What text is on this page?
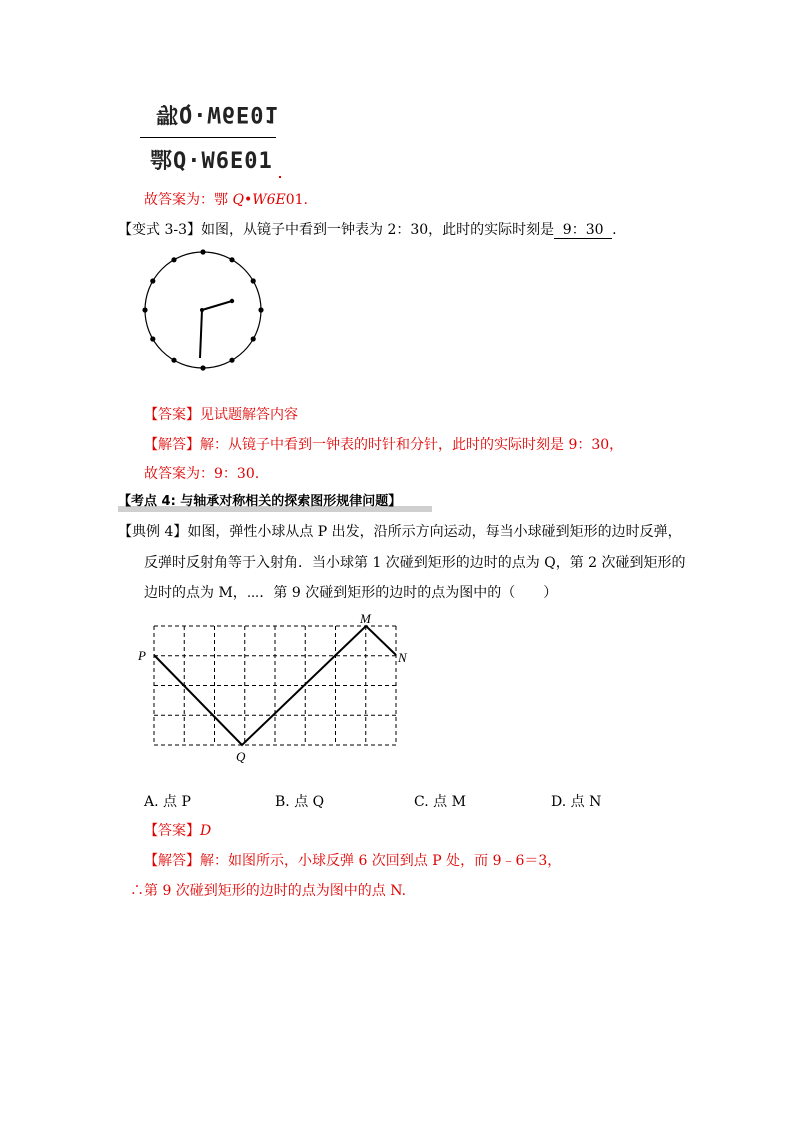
鄂Q·W6E01
鄂Q·W6E01
故答案为：鄂 Q•W6E01.
【变式 3-3】如图，从镜子中看到一钟表为 2：30，此时的实际时刻是 9：30 .
【答案】见试题解答内容
【解答】解：从镜子中看到一钟表的时针和分针，此时的实际时刻是 9：30，
故答案为：9：30.
【考点 4: 与轴承对称相关的探索图形规律问题】
【典例 4】如图，弹性小球从点 P 出发，沿所示方向运动，每当小球碰到矩形的边时反弹，
反弹时反射角等于入射角．当小球第 1 次碰到矩形的边时的点为 Q，第 2 次碰到矩形的
边时的点为 M，⋯．第 9 次碰到矩形的边时的点为图中的（　　）
P
Q
M
N
A. 点 P	B. 点 Q	C. 点 M	D. 点 N
【答案】D
【解答】解：如图所示，小球反弹 6 次回到点 P 处，而 9﹣6＝3，
∴第 9 次碰到矩形的边时的点为图中的点 N.
